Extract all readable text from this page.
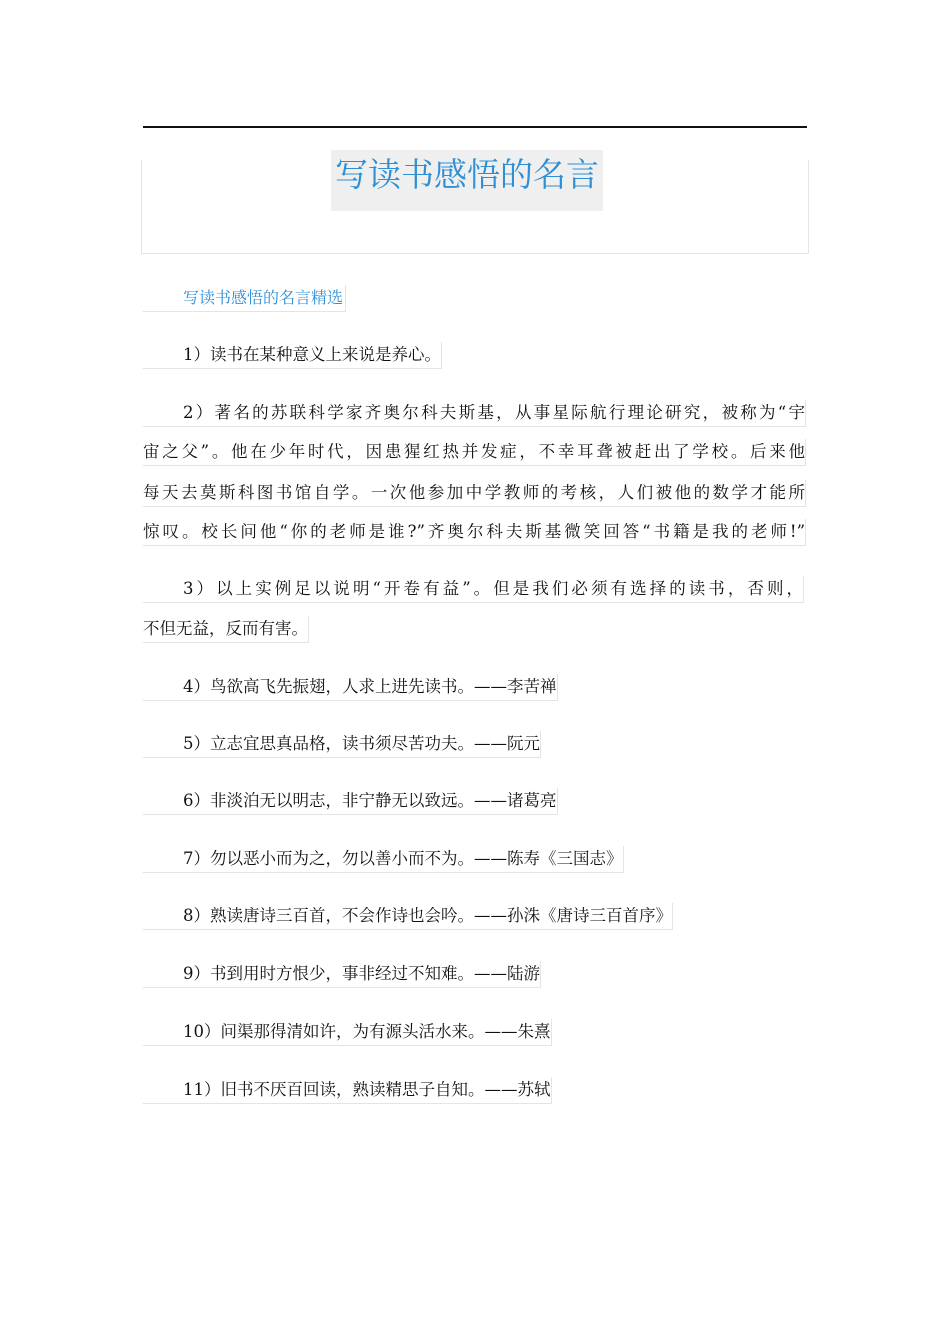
写读书感悟的名言
写读书感悟的名言精选
1）读书在某种意义上来说是养心。
2）著名的苏联科学家齐奥尔科夫斯基，从事星际航行理论研究，被称为“宇
宙之父”。他在少年时代，因患猩红热并发症，不幸耳聋被赶出了学校。后来他
每天去莫斯科图书馆自学。一次他参加中学教师的考核，人们被他的数学才能所
惊叹。校长问他“你的老师是谁?”齐奥尔科夫斯基微笑回答“书籍是我的老师!”
3）以上实例足以说明“开卷有益”。但是我们必须有选择的读书，否则，
不但无益，反而有害。
4）鸟欲高飞先振翅，人求上进先读书。——李苦禅
5）立志宜思真品格，读书须尽苦功夫。——阮元
6）非淡泊无以明志，非宁静无以致远。——诸葛亮
7）勿以恶小而为之，勿以善小而不为。——陈寿《三国志》
8）熟读唐诗三百首，不会作诗也会吟。——孙洙《唐诗三百首序》
9）书到用时方恨少，事非经过不知难。——陆游
10）问渠那得清如许，为有源头活水来。——朱熹
11）旧书不厌百回读，熟读精思子自知。——苏轼
